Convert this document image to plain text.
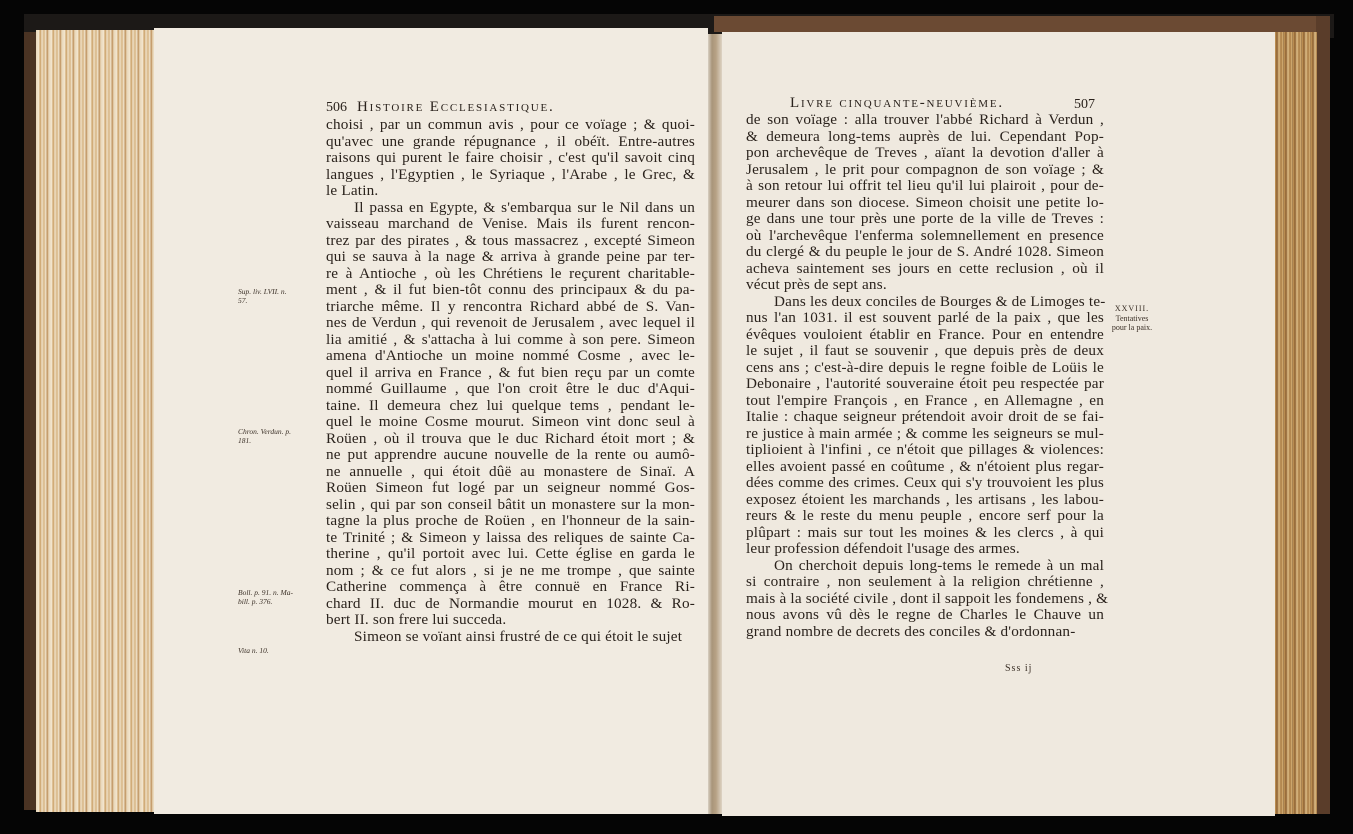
506 Histoire Ecclesiastique.
choisi , par un commun avis , pour ce voïage ; & quoi-
qu'avec une grande répugnance , il obéït. Entre-autres
raisons qui purent le faire choisir , c'est qu'il savoit cinq
langues , l'Egyptien , le Syriaque , l'Arabe , le Grec, &
le Latin.
Il passa en Egypte, & s'embarqua sur le Nil dans un
vaisseau marchand de Venise. Mais ils furent rencon-
trez par des pirates , & tous massacrez , excepté Simeon
qui se sauva à la nage & arriva à grande peine par ter-
re à Antioche , où les Chrétiens le reçurent charitable-
ment , & il fut bien-tôt connu des principaux & du pa-
triarche même. Il y rencontra Richard abbé de S. Van-
nes de Verdun , qui revenoit de Jerusalem , avec lequel il
lia amitié , & s'attacha à lui comme à son pere. Simeon
amena d'Antioche un moine nommé Cosme , avec le-
quel il arriva en France , & fut bien reçu par un comte
nommé Guillaume , que l'on croit être le duc d'Aqui-
taine. Il demeura chez lui quelque tems , pendant le-
quel le moine Cosme mourut. Simeon vint donc seul à
Roüen , où il trouva que le duc Richard étoit mort ; &
ne put apprendre aucune nouvelle de la rente ou aumô-
ne annuelle , qui étoit dûë au monastere de Sinaï. A
Roüen Simeon fut logé par un seigneur nommé Gos-
selin , qui par son conseil bâtit un monastere sur la mon-
tagne la plus proche de Roüen , en l'honneur de la sain-
te Trinité ; & Simeon y laissa des reliques de sainte Ca-
therine , qu'il portoit avec lui. Cette église en garda le
nom ; & ce fut alors , si je ne me trompe , que sainte
Catherine commença à être connuë en France Ri-
chard II. duc de Normandie mourut en 1028. & Ro-
bert II. son frere lui succeda.
Simeon se voïant ainsi frustré de ce qui étoit le sujet
Sup. liv. LVII. n.
57.
Chron. Verdun. p.
181.
Boll. p. 91. n. Ma-
bill. p. 376.
Vita n. 10.
Livre cinquante-neuvième.	507
de son voïage : alla trouver l'abbé Richard à Verdun ,
& demeura long-tems auprès de lui. Cependant Pop-
pon archevêque de Treves , aïant la devotion d'aller à
Jerusalem , le prit pour compagnon de son voïage ; &
à son retour lui offrit tel lieu qu'il lui plairoit , pour de-
meurer dans son diocese. Simeon choisit une petite lo-
ge dans une tour près une porte de la ville de Treves :
où l'archevêque l'enferma solemnellement en presence
du clergé & du peuple le jour de S. André 1028. Simeon
acheva saintement ses jours en cette reclusion , où il
vécut près de sept ans.
Dans les deux conciles de Bourges & de Limoges te-
nus l'an 1031. il est souvent parlé de la paix , que les
évêques vouloient établir en France. Pour en entendre
le sujet , il faut se souvenir , que depuis près de deux
cens ans ; c'est-à-dire depuis le regne foible de Loüis le
Debonaire , l'autorité souveraine étoit peu respectée par
tout l'empire François , en France , en Allemagne , en
Italie : chaque seigneur prétendoit avoir droit de se fai-
re justice à main armée ; & comme les seigneurs se mul-
tiplioient à l'infini , ce n'étoit que pillages & violences:
elles avoient passé en coûtume , & n'étoient plus regar-
dées comme des crimes. Ceux qui s'y trouvoient les plus
exposez étoient les marchands , les artisans , les labou-
reurs & le reste du menu peuple , encore serf pour la
plûpart : mais sur tout les moines & les clercs , à qui
leur profession défendoit l'usage des armes.
On cherchoit depuis long-tems le remede à un mal
si contraire , non seulement à la religion chrétienne ,
mais à la société civile , dont il sappoit les fondemens , &
nous avons vû dès le regne de Charles le Chauve un
grand nombre de decrets des conciles & d'ordonnan-
XXVIII.
Tentatives
pour la paix.
Sss ij
